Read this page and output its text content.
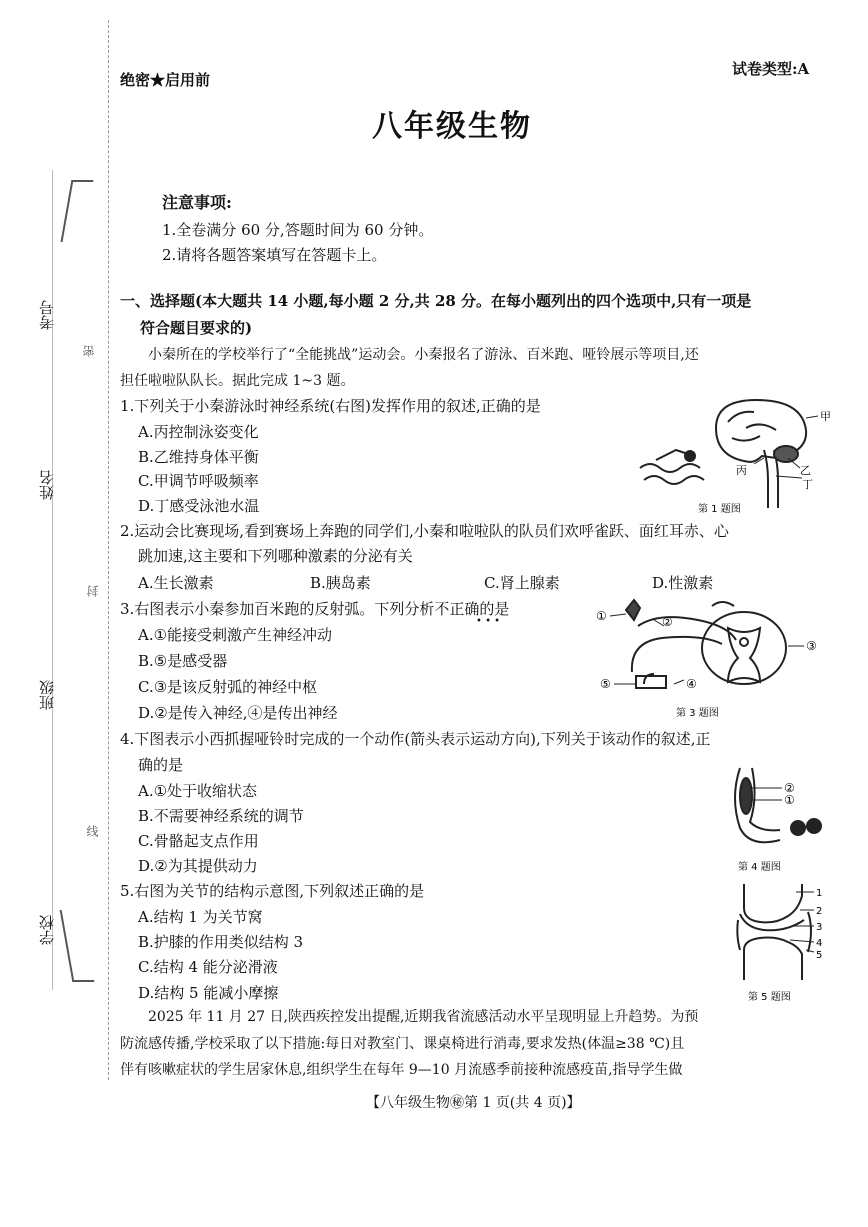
考号
密
姓名
封
班级
线
学校
绝密★启用前
试卷类型:A
八年级生物
注意事项:
1.全卷满分 60 分,答题时间为 60 分钟。
2.请将各题答案填写在答题卡上。
一、选择题(本大题共 14 小题,每小题 2 分,共 28 分。在每小题列出的四个选项中,只有一项是
符合题目要求的)
小秦所在的学校举行了“全能挑战”运动会。小秦报名了游泳、百米跑、哑铃展示等项目,还
担任啦啦队队长。据此完成 1~3 题。
1.下列关于小秦游泳时神经系统(右图)发挥作用的叙述,正确的是
A.丙控制泳姿变化
B.乙维持身体平衡
C.甲调节呼吸频率
D.丁感受泳池水温
甲
乙
丙
丁
第 1 题图
2.运动会比赛现场,看到赛场上奔跑的同学们,小秦和啦啦队的队员们欢呼雀跃、面红耳赤、心
跳加速,这主要和下列哪种激素的分泌有关
A.生长激素	B.胰岛素	C.肾上腺素	D.性激素
3.右图表示小秦参加百米跑的反射弧。下列分析不正确的是
• • •
A.①能接受刺激产生神经冲动
B.⑤是感受器
C.③是该反射弧的神经中枢
D.②是传入神经,④是传出神经
①	②
③
④
⑤
第 3 题图
4.下图表示小西抓握哑铃时完成的一个动作(箭头表示运动方向),下列关于该动作的叙述,正
确的是
A.①处于收缩状态
B.不需要神经系统的调节
C.骨骼起支点作用
D.②为其提供动力
②
①
第 4 题图
5.右图为关节的结构示意图,下列叙述正确的是
A.结构 1 为关节窝
B.护膝的作用类似结构 3
C.结构 4 能分泌滑液
D.结构 5 能减小摩擦
1
2
3
4
5
第 5 题图
2025 年 11 月 27 日,陕西疾控发出提醒,近期我省流感活动水平呈现明显上升趋势。为预
防流感传播,学校采取了以下措施:每日对教室门、课桌椅进行消毒,要求发热(体温≥38 ℃)且
伴有咳嗽症状的学生居家休息,组织学生在每年 9—10 月流感季前接种流感疫苗,指导学生做
【八年级生物㊙第 1 页(共 4 页)】
